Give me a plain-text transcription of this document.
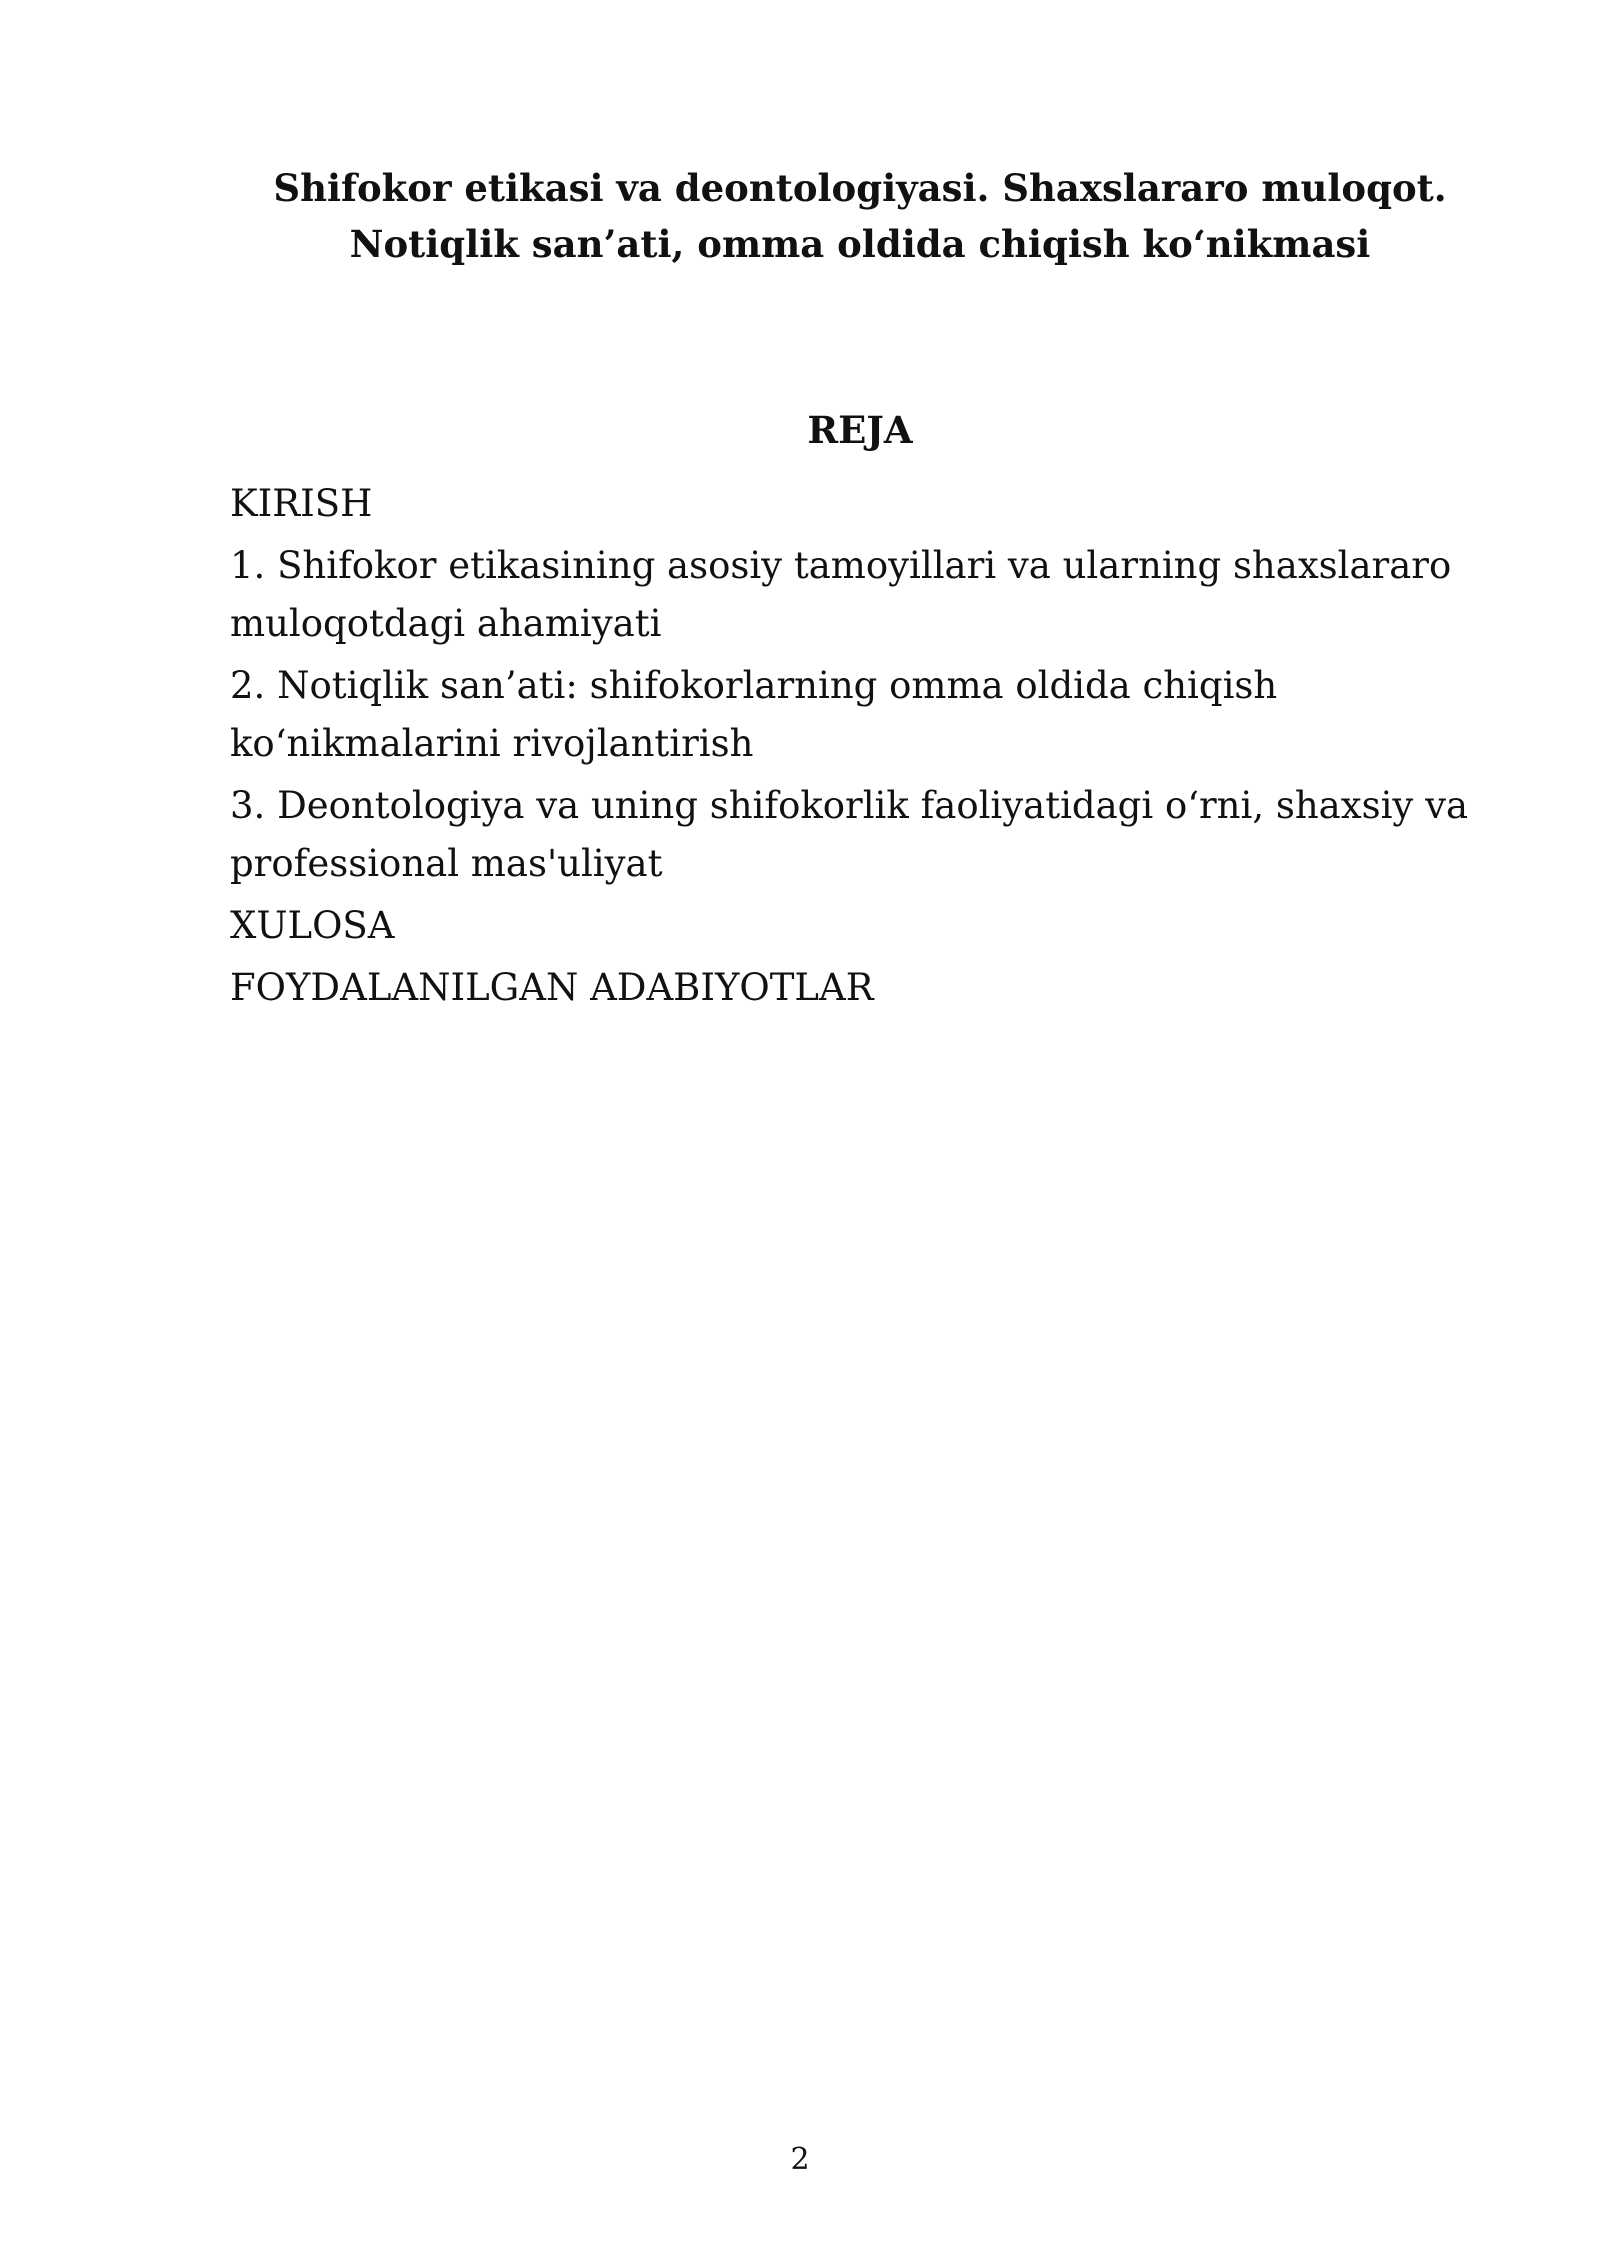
Shifokor etikasi va deontologiyasi. Shaxslararo muloqot.
Notiqlik san’ati, omma oldida chiqish ko‘nikmasi
REJA
KIRISH
1. Shifokor etikasining asosiy tamoyillari va ularning shaxslararo muloqotdagi ahamiyati
2. Notiqlik san’ati: shifokorlarning omma oldida chiqish ko‘nikmalarini rivojlantirish
3. Deontologiya va uning shifokorlik faoliyatidagi o‘rni, shaxsiy va professional mas'uliyat
XULOSA
FOYDALANILGAN ADABIYOTLAR
2
